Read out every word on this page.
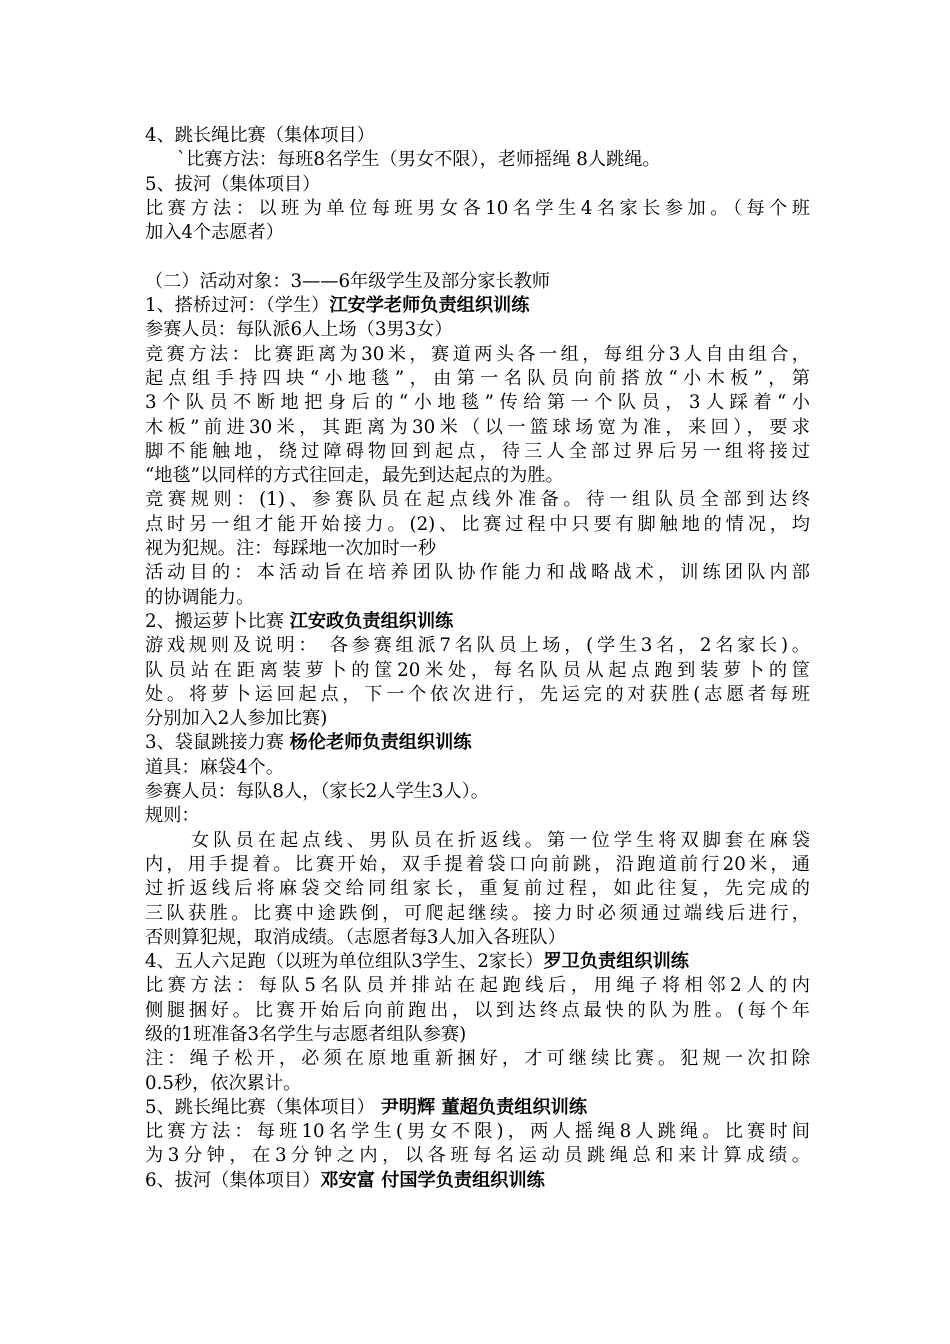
4、跳长绳比赛（集体项目）
`比赛方法：每班8名学生（男女不限），老师摇绳 8人跳绳。
5、拔河（集体项目）
比赛方法：以班为单位每班男女各10名学生4名家长参加。（每个班
加入4个志愿者）
（二）活动对象：3——6年级学生及部分家长教师
1、搭桥过河：（学生）江安学老师负责组织训练
参赛人员：每队派6人上场（3男3女）
竞赛方法：比赛距离为30米，赛道两头各一组，每组分3人自由组合，
起点组手持四块“小地毯”，由第一名队员向前搭放“小木板”，第
3个队员不断地把身后的“小地毯”传给第一个队员，3人踩着“小
木板”前进30米，其距离为30米（以一篮球场宽为准，来回），要求
脚不能触地，绕过障碍物回到起点，待三人全部过界后另一组将接过
“地毯”以同样的方式往回走，最先到达起点的为胜。
竞赛规则：(1)、参赛队员在起点线外准备。待一组队员全部到达终
点时另一组才能开始接力。(2)、比赛过程中只要有脚触地的情况，均
视为犯规。注：每踩地一次加时一秒
活动目的：本活动旨在培养团队协作能力和战略战术，训练团队内部
的协调能力。
2、搬运萝卜比赛 江安政负责组织训练
游戏规则及说明： 各参赛组派7名队员上场，(学生3名，2名家长)。
队员站在距离装萝卜的筐20米处，每名队员从起点跑到装萝卜的筐
处。将萝卜运回起点，下一个依次进行，先运完的对获胜(志愿者每班
分别加入2人参加比赛)
3、袋鼠跳接力赛 杨伦老师负责组织训练
道具：麻袋4个。
参赛人员：每队8人，（家长2人学生3人）。
规则：
女队员在起点线、男队员在折返线。第一位学生将双脚套在麻袋
内，用手提着。比赛开始，双手提着袋口向前跳，沿跑道前行20米，通
过折返线后将麻袋交给同组家长，重复前过程，如此往复，先完成的
三队获胜。比赛中途跌倒，可爬起继续。接力时必须通过端线后进行，
否则算犯规，取消成绩。（志愿者每3人加入各班队）
4、五人六足跑（以班为单位组队3学生、2家长）罗卫负责组织训练
比赛方法：每队5名队员并排站在起跑线后，用绳子将相邻2人的内
侧腿捆好。比赛开始后向前跑出，以到达终点最快的队为胜。(每个年
级的1班准备3名学生与志愿者组队参赛)
注：绳子松开，必须在原地重新捆好，才可继续比赛。犯规一次扣除
0.5秒，依次累计。
5、跳长绳比赛（集体项目） 尹明辉 董超负责组织训练
比赛方法：每班10名学生(男女不限)，两人摇绳8人跳绳。比赛时间
为3分钟，在3分钟之内，以各班每名运动员跳绳总和来计算成绩。
6、拔河（集体项目）邓安富 付国学负责组织训练
